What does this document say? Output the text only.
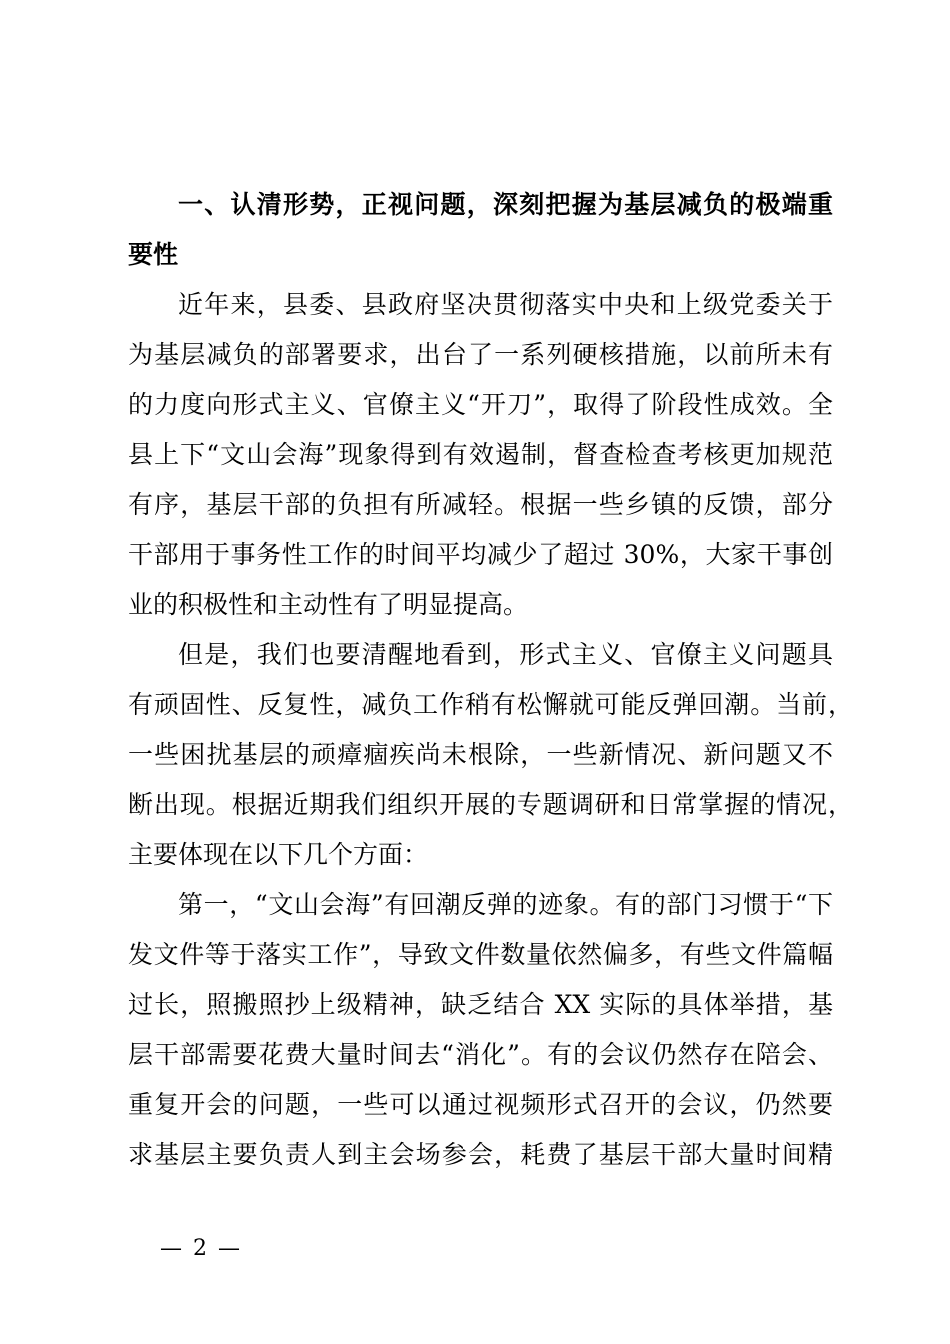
一、认清形势，正视问题，深刻把握为基层减负的极端重
要性
近年来，县委、县政府坚决贯彻落实中央和上级党委关于
为基层减负的部署要求，出台了一系列硬核措施，以前所未有
的力度向形式主义、官僚主义“开刀”，取得了阶段性成效。全
县上下“文山会海”现象得到有效遏制，督查检查考核更加规范
有序，基层干部的负担有所减轻。根据一些乡镇的反馈，部分
干部用于事务性工作的时间平均减少了超过 30%，大家干事创
业的积极性和主动性有了明显提高。
但是，我们也要清醒地看到，形式主义、官僚主义问题具
有顽固性、反复性，减负工作稍有松懈就可能反弹回潮。当前，
一些困扰基层的顽瘴痼疾尚未根除，一些新情况、新问题又不
断出现。根据近期我们组织开展的专题调研和日常掌握的情况，
主要体现在以下几个方面：
第一，“文山会海”有回潮反弹的迹象。有的部门习惯于“下
发文件等于落实工作”，导致文件数量依然偏多，有些文件篇幅
过长，照搬照抄上级精神，缺乏结合 XX 实际的具体举措，基
层干部需要花费大量时间去“消化”。有的会议仍然存在陪会、
重复开会的问题，一些可以通过视频形式召开的会议，仍然要
求基层主要负责人到主会场参会，耗费了基层干部大量时间精
— 2 —
